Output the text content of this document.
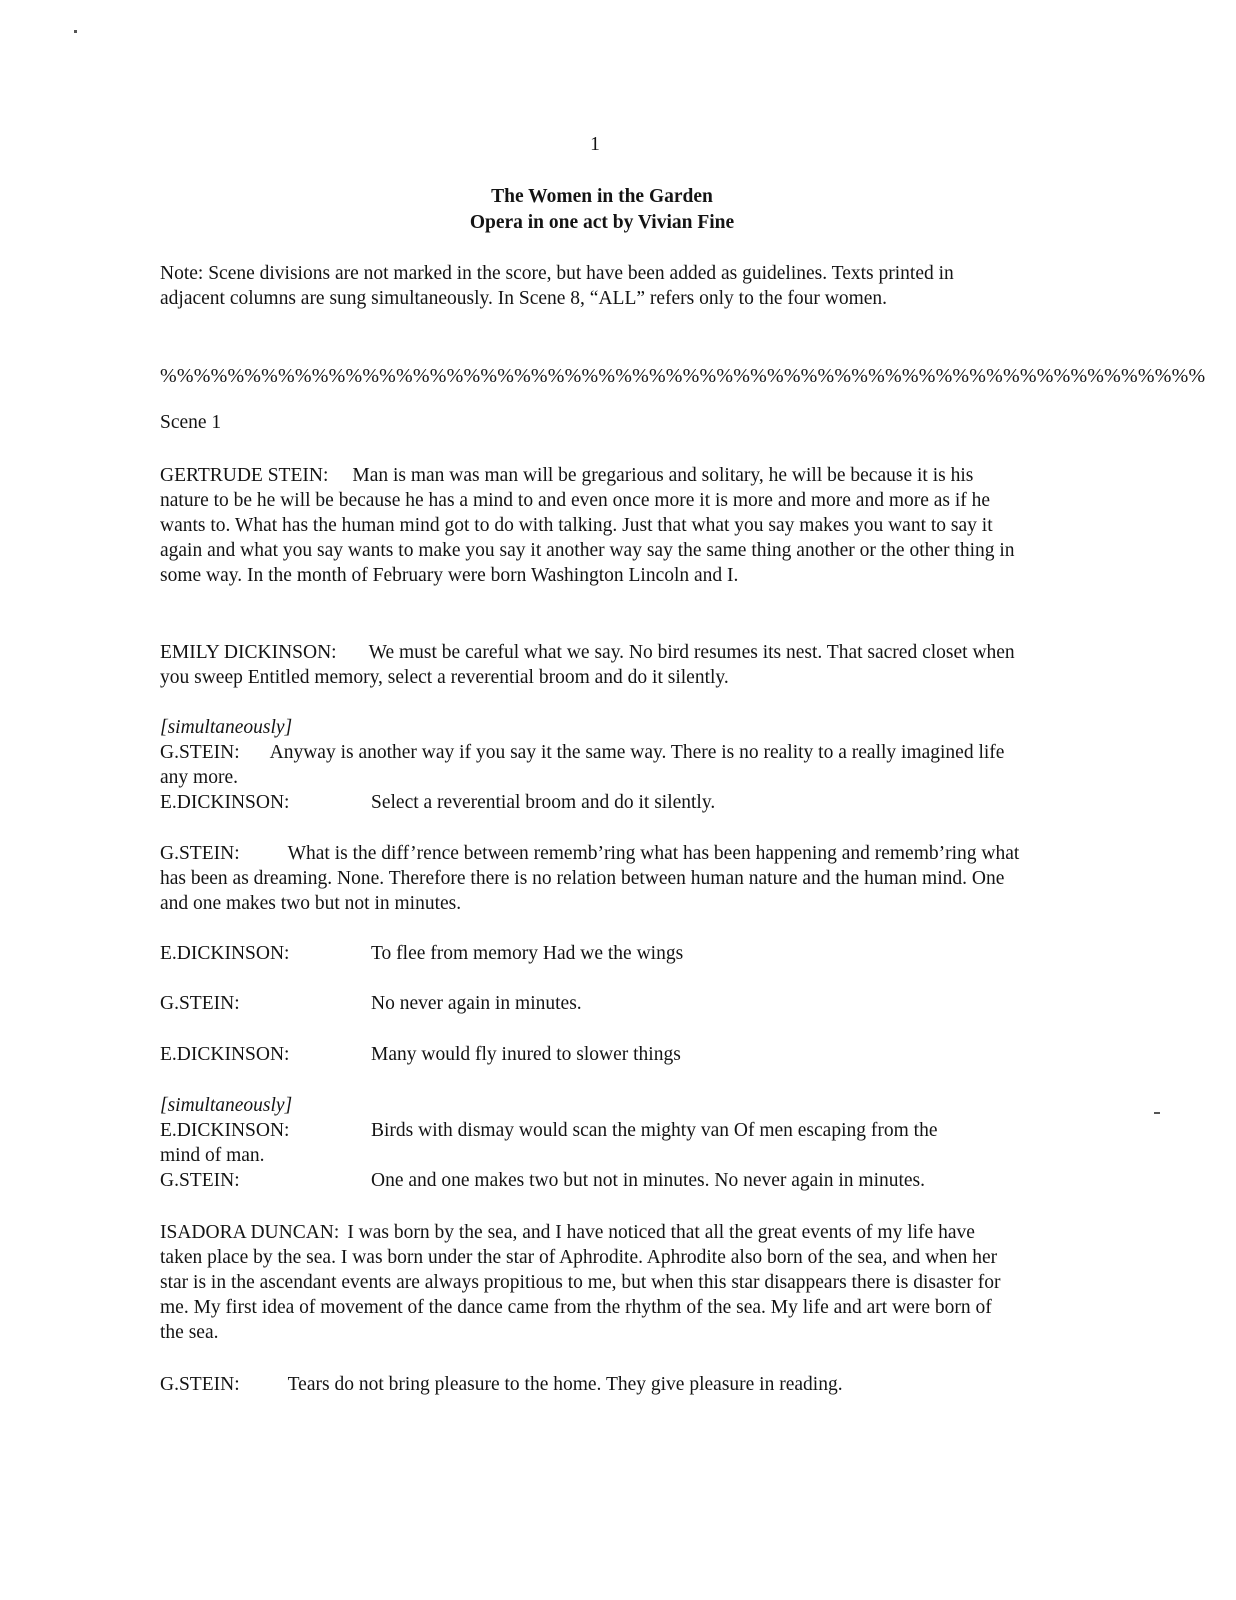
1

The Women in the Garden

Opera in one act by Vivian Fine

Note: Scene divisions are not marked in the score, but have been added as guidelines. Texts printed in adjacent columns are sung simultaneously. In Scene 8, “ALL” refers only to the four women.

%%%%%%%%%%%%%%%%%%%%%%%%%%%%%%%%%%%%%%%%%%%%%%%%%%%%%%%%%%%%%%

Scene 1

GERTRUDE STEIN: Man is man was man will be gregarious and solitary, he will be because it is his nature to be he will be because he has a mind to and even once more it is more and more and more as if he wants to. What has the human mind got to do with talking. Just that what you say makes you want to say it again and what you say wants to make you say it another way say the same thing another or the other thing in some way. In the month of February were born Washington Lincoln and I.

EMILY DICKINSON: We must be careful what we say. No bird resumes its nest. That sacred closet when you sweep Entitled memory, select a reverential broom and do it silently.

[simultaneously]

G.STEIN: Anyway is another way if you say it the same way. There is no reality to a really imagined life any more.

E.DICKINSON:	Select a reverential broom and do it silently.

G.STEIN: What is the diff’rence between rememb’ring what has been happening and rememb’ring what has been as dreaming. None. Therefore there is no relation between human nature and the human mind. One and one makes two but not in minutes.

E.DICKINSON:	To flee from memory Had we the wings
G.STEIN:	No never again in minutes.
E.DICKINSON:	Many would fly inured to slower things

[simultaneously]

E.DICKINSON:	Birds with dismay would scan the mighty van Of men escaping from the

mind of man.

G.STEIN:	One and one makes two but not in minutes. No never again in minutes.

ISADORA DUNCAN: I was born by the sea, and I have noticed that all the great events of my life have taken place by the sea. I was born under the star of Aphrodite. Aphrodite also born of the sea, and when her star is in the ascendant events are always propitious to me, but when this star disappears there is disaster for me. My first idea of movement of the dance came from the rhythm of the sea. My life and art were born of the sea.

G.STEIN: Tears do not bring pleasure to the home. They give pleasure in reading.
